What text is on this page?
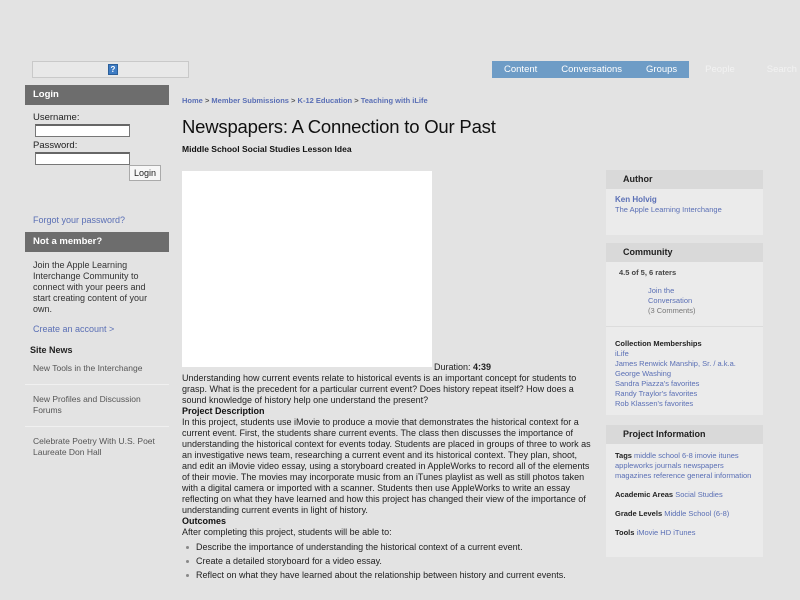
?	Content	Conversations	Groups	People	Search
Login
Username:
Password:
Login
Forgot your password?
Not a member?
Join the Apple Learning Interchange Community to connect with your peers and start creating content of your own.
Create an account >
Site News
New Tools in the Interchange
New Profiles and Discussion Forums
Celebrate Poetry With U.S. Poet Laureate Don Hall
Home > Member Submissions > K-12 Education > Teaching with iLife
Newspapers: A Connection to Our Past
Middle School Social Studies Lesson Idea
Duration: 4:39

Understanding how current events relate to historical events is an important concept for students to grasp. What is the precedent for a particular current event? Does history repeat itself? How does a sound knowledge of history help one understand the present?

Project Description

In this project, students use iMovie to produce a movie that demonstrates the historical context for a current event. First, the students share current events. The class then discusses the importance of understanding the historical context for events today. Students are placed in groups of three to work as an investigative news team, researching a current event and its historical context. They plan, shoot, and edit an iMovie video essay, using a storyboard created in AppleWorks to record all of the elements of their movie. The movies may incorporate music from an iTunes playlist as well as still photos taken with a digital camera or imported with a scanner. Students then use AppleWorks to write an essay reflecting on what they have learned and how this project has changed their view of the importance of understanding current events in light of history.

Outcomes

After completing this project, students will be able to:

Describe the importance of understanding the historical context of a current event.
Create a detailed storyboard for a video essay.
Reflect on what they have learned about the relationship between history and current events.
Author
Ken Holvig
The Apple Learning Interchange
Community
4.5 of 5, 6 raters
Join the
Conversation
(3 Comments)
Collection Memberships
iLife
James Renwick Manship, Sr. / a.k.a.
George Washing
Sandra Piazza's favorites
Randy Traylor's favorites
Rob Klassen's favorites
Project Information
Tags middle school 6-8 imovie itunes appleworks journals newspapers magazines reference general information
Academic Areas Social Studies
Grade Levels Middle School (6-8)
Tools iMovie HD iTunes
